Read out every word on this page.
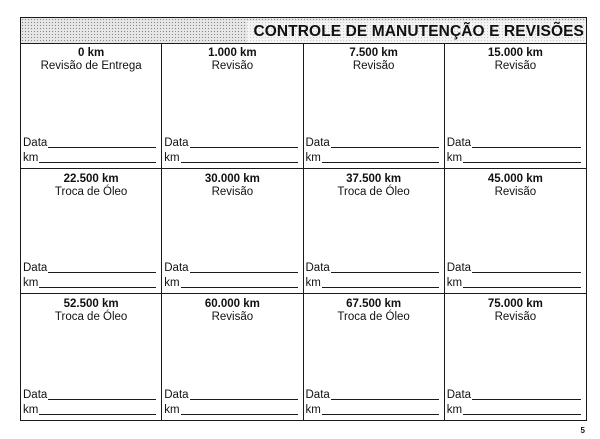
CONTROLE DE MANUTENÇÃO E REVISÕES
0 km
Revisão de Entrega
Data
km
1.000 km
Revisão
Data
km
7.500 km
Revisão
Data
km
15.000 km
Revisão
Data
km
22.500 km
Troca de Óleo
Data
km
30.000 km
Revisão
Data
km
37.500 km
Troca de Óleo
Data
km
45.000 km
Revisão
Data
km
52.500 km
Troca de Óleo
Data
km
60.000 km
Revisão
Data
km
67.500 km
Troca de Óleo
Data
km
75.000 km
Revisão
Data
km
5
